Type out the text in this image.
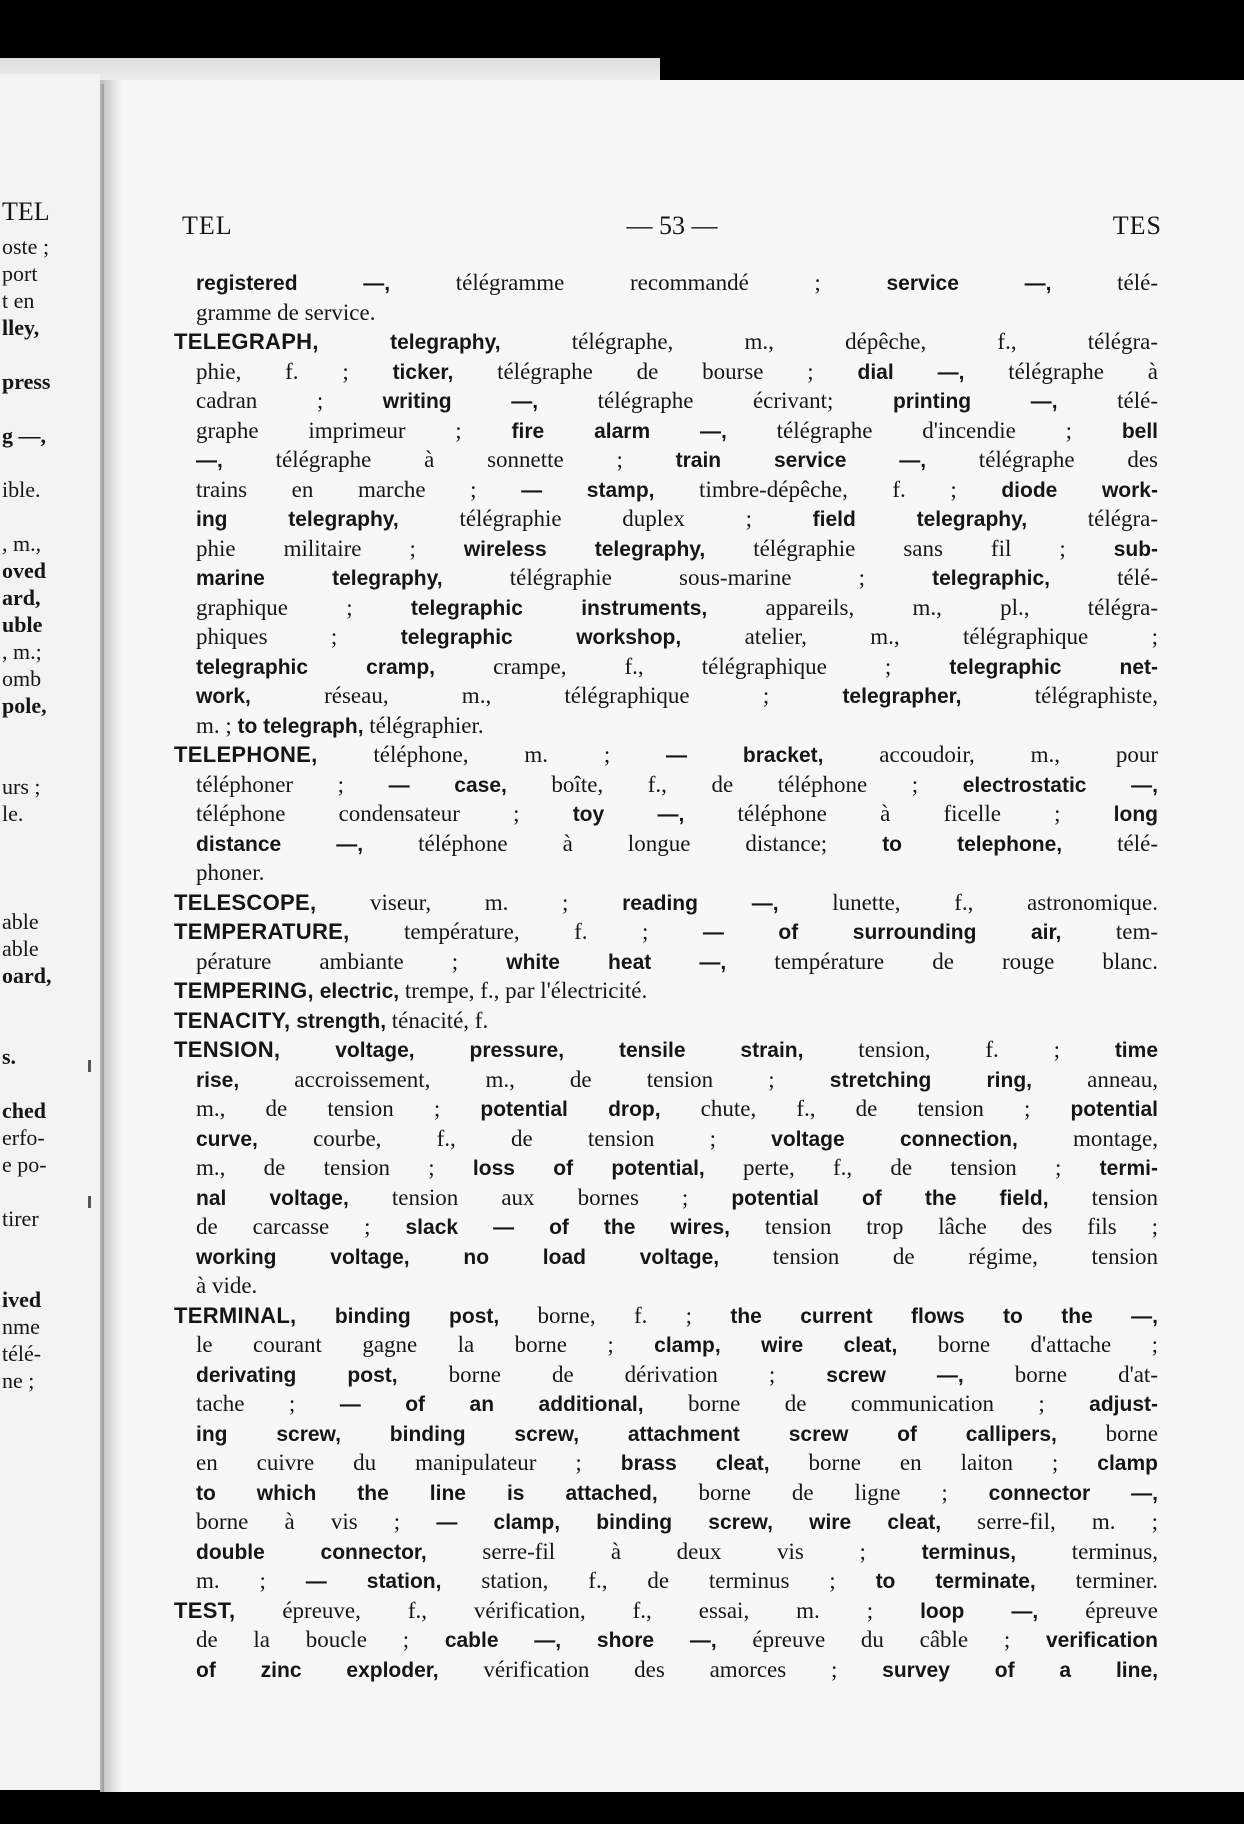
TEL
oste ;
port
t en
lley,
press
g —,
ible.
, m.,
oved
ard,
uble
, m.;
omb
pole,
urs ;
le.
able
able
oard,
s.
ched
erfo-
e po-
tirer
ived
nme
télé-
ne ;
TEL	— 53 —	TES
registered —, télégramme recommandé ; service —, télé-
gramme de service.
TELEGRAPH, telegraphy, télégraphe, m., dépêche, f., télégra-
phie, f. ; ticker, télégraphe de bourse ; dial —, télégraphe à
cadran ; writing —, télégraphe écrivant; printing —, télé-
graphe imprimeur ; fire alarm —, télégraphe d'incendie ; bell
—, télégraphe à sonnette ; train service —, télégraphe des
trains en marche ; — stamp, timbre-dépêche, f. ; diode work-
ing telegraphy, télégraphie duplex ; field telegraphy, télégra-
phie militaire ; wireless telegraphy, télégraphie sans fil ; sub-
marine telegraphy, télégraphie sous-marine ; telegraphic, télé-
graphique ; telegraphic instruments, appareils, m., pl., télégra-
phiques ; telegraphic workshop, atelier, m., télégraphique ;
telegraphic cramp, crampe, f., télégraphique ; telegraphic net-
work, réseau, m., télégraphique ; telegrapher, télégraphiste,
m. ; to telegraph, télégraphier.
TELEPHONE, téléphone, m. ; — bracket, accoudoir, m., pour
téléphoner ; — case, boîte, f., de téléphone ; electrostatic —,
téléphone condensateur ; toy —, téléphone à ficelle ; long
distance —, téléphone à longue distance; to telephone, télé-
phoner.
TELESCOPE, viseur, m. ; reading —, lunette, f., astronomique.
TEMPERATURE, température, f. ; — of surrounding air, tem-
pérature ambiante ; white heat —, température de rouge blanc.
TEMPERING, electric, trempe, f., par l'électricité.
TENACITY, strength, ténacité, f.
TENSION, voltage, pressure, tensile strain, tension, f. ; time
rise, accroissement, m., de tension ; stretching ring, anneau,
m., de tension ; potential drop, chute, f., de tension ; potential
curve, courbe, f., de tension ; voltage connection, montage,
m., de tension ; loss of potential, perte, f., de tension ; termi-
nal voltage, tension aux bornes ; potential of the field, tension
de carcasse ; slack — of the wires, tension trop lâche des fils ;
working voltage, no load voltage, tension de régime, tension
à vide.
TERMINAL, binding post, borne, f. ; the current flows to the —,
le courant gagne la borne ; clamp, wire cleat, borne d'attache ;
derivating post, borne de dérivation ; screw —, borne d'at-
tache ; — of an additional, borne de communication ; adjust-
ing screw, binding screw, attachment screw of callipers, borne
en cuivre du manipulateur ; brass cleat, borne en laiton ; clamp
to which the line is attached, borne de ligne ; connector —,
borne à vis ; — clamp, binding screw, wire cleat, serre-fil, m. ;
double connector, serre-fil à deux vis ; terminus, terminus,
m. ; — station, station, f., de terminus ; to terminate, terminer.
TEST, épreuve, f., vérification, f., essai, m. ; loop —, épreuve
de la boucle ; cable —, shore —, épreuve du câble ; verification
of zinc exploder, vérification des amorces ; survey of a line,
